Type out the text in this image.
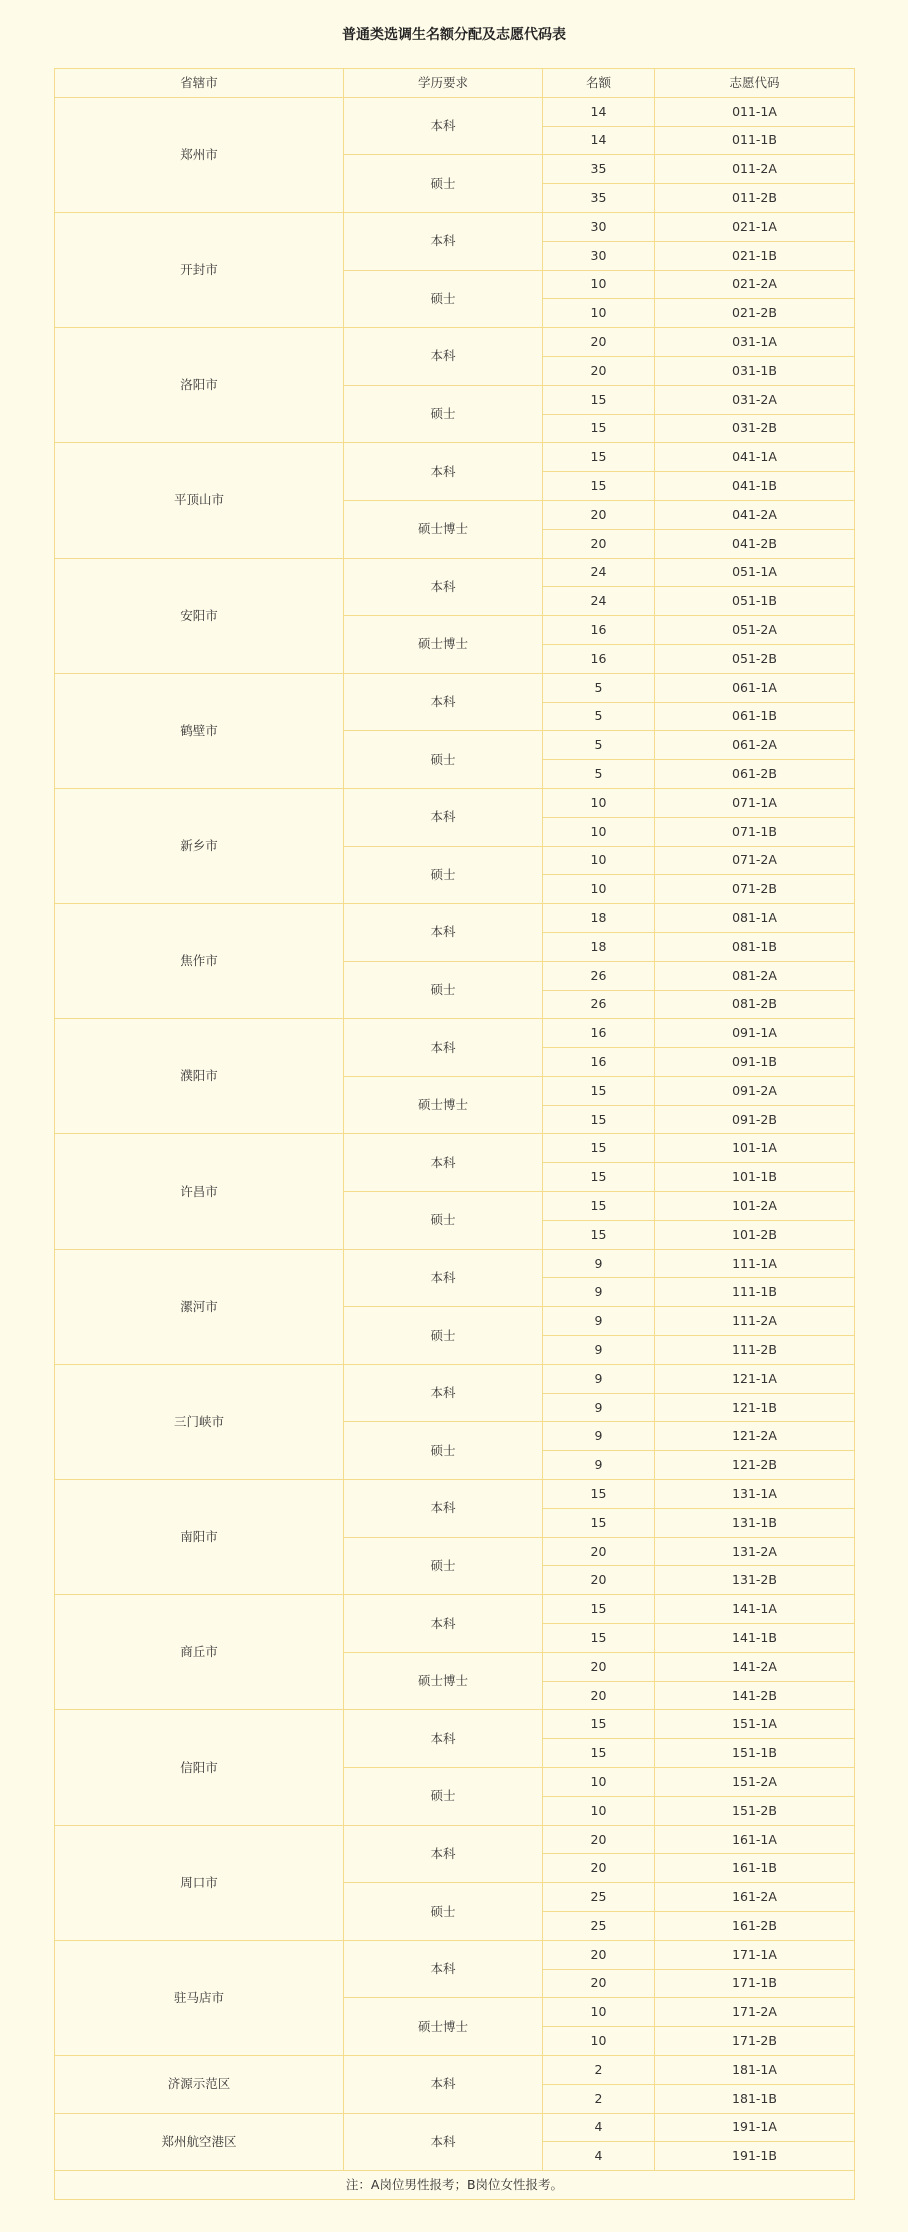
普通类选调生名额分配及志愿代码表
省辖市	学历要求	名额	志愿代码
郑州市	本科	14	011-1A
		14	011-1B
	硕士	35	011-2A
		35	011-2B
开封市	本科	30	021-1A
		30	021-1B
	硕士	10	021-2A
		10	021-2B
洛阳市	本科	20	031-1A
		20	031-1B
	硕士	15	031-2A
		15	031-2B
平顶山市	本科	15	041-1A
		15	041-1B
	硕士博士	20	041-2A
		20	041-2B
安阳市	本科	24	051-1A
		24	051-1B
	硕士博士	16	051-2A
		16	051-2B
鹤壁市	本科	5	061-1A
		5	061-1B
	硕士	5	061-2A
		5	061-2B
新乡市	本科	10	071-1A
		10	071-1B
	硕士	10	071-2A
		10	071-2B
焦作市	本科	18	081-1A
		18	081-1B
	硕士	26	081-2A
		26	081-2B
濮阳市	本科	16	091-1A
		16	091-1B
	硕士博士	15	091-2A
		15	091-2B
许昌市	本科	15	101-1A
		15	101-1B
	硕士	15	101-2A
		15	101-2B
漯河市	本科	9	111-1A
		9	111-1B
	硕士	9	111-2A
		9	111-2B
三门峡市	本科	9	121-1A
		9	121-1B
	硕士	9	121-2A
		9	121-2B
南阳市	本科	15	131-1A
		15	131-1B
	硕士	20	131-2A
		20	131-2B
商丘市	本科	15	141-1A
		15	141-1B
	硕士博士	20	141-2A
		20	141-2B
信阳市	本科	15	151-1A
		15	151-1B
	硕士	10	151-2A
		10	151-2B
周口市	本科	20	161-1A
		20	161-1B
	硕士	25	161-2A
		25	161-2B
驻马店市	本科	20	171-1A
		20	171-1B
	硕士博士	10	171-2A
		10	171-2B
济源示范区	本科	2	181-1A
		2	181-1B
郑州航空港区	本科	4	191-1A
		4	191-1B
注：A岗位男性报考；B岗位女性报考。			
